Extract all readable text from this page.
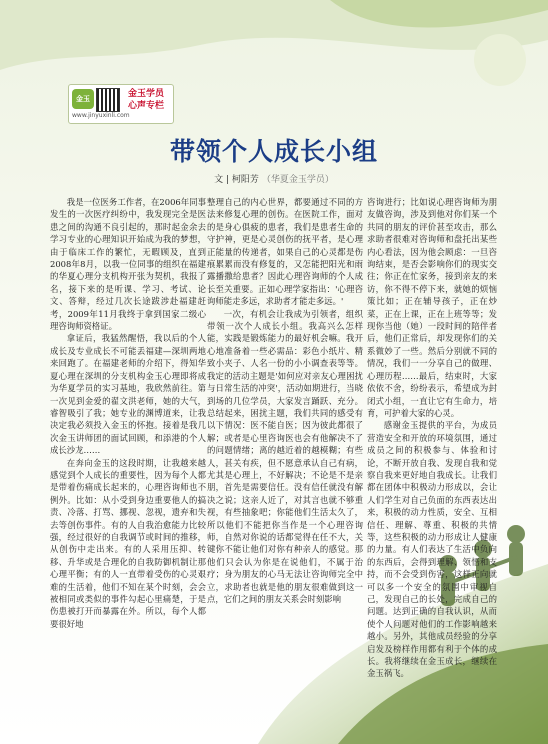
金玉	金玉学员
心声专栏
www.jinyuxinli.com
带领个人成长小组
文 | 柯阳芳 （华夏金玉学员）

我是一位医务工作者，在2006年同事发生的一次医疗纠纷中，我发现完全是医患之间的沟通不良引起的，那时起金余去学习专业的心理知识开始成为我的梦想，由于临床工作的繁忙，无暇顾及，直到2008年8月，以我一位同事的组织在福建的华夏心理分支机构开张为契机，我报了名，接下来的是听课、学习、考试、论文、答辩，经过几次长途跋涉赴福建赶考，2009年11月我终于拿到国家二级心理咨询师资格证。

拿证后，我猛然醒悟，我以后的个人成长及专业成长不可能丢福建—深圳两地来回跑了。在福建老师的介绍下，得知华夏心理在深圳的分支机构金玉心理即将成为华夏学员的实习基地，我欣然前往。第一次见到金爱的翟文洪老师，她的大气，睿智吸引了我；她专业的渊博道来，让我决定我必须投入金玉的怀抱。接着是我几次金玉讲师团的面试回顾，和添港的个人成长沙龙……

在奔向金玉的这段时期，让我越来越感觉到个人成长的重要性，因为每个人都是带着伤痛成长起来的，心理咨询师也不例外。比如：从小受到身边重要他人的搞责、冷落、打骂、挪视、忽视，遗弃和失去等创伤事件。有的人自我治愈能力比较强，经过很好的自我调节或时间的推移，从创伤中走出来。有的人采用压抑、转移、升华或是合理化的自我防御机制让那心理平衡；有的人一直带着受伤的心灵艰难的生活着，他们不知在某个时刻，会会被相同或类似的事件勾起心里痛楚，于是伤患被打开而暴露在外。所以，每个人都要很好地

整理自己的内心世界，都要通过不同的方法来修复心理的创伤。在医院工作，面对的是身心俱疲的患者，我们是患者生命的守护神，更是心灵创伤的抚平者，是心理正能量的传递者，如果自己的心灵都是伤痕累累而没有修复的，又怎能把阳光和雨露播撒给患者？因此心理咨询师的个人成长至关重要。正如心理学家指出：'心理咨询师能走多远，求助者才能走多远。'

一次，有机会让我成为引领者，组织带领一次个人成长小组。我高兴么怎样能，实践是锻炼能力的最好机会嘛。我开心地准备着一些必需品：彩色小纸片、精致小夹子、人名一份的小小调查表等等。我定的活动主题是'如何应对亲友心理困扰与日常生活的冲突'，活动如期进行，当晓到场的几位学员，大家发言踊跃、充分。总结起来，困扰主题，我们共同的感受有以下情况：医不能自医；因为彼此都很了解；或者是心里咨询医也会有他解决不了的问题情绪；离的越近着的越模糊；有些人，甚关有疾，但不愿意承认自己有病，尤其是心理上，不好解决；不论是不是亲朋，首先是需要信任。没有信任就没有解决之说；这亲人近了，对其言也就不够重视，有些抽象吧；你能他们生活太久了，所以他们不能把你当作是一个心理咨询师，自然对你说的话都觉得在任不大，关键你不能让他们对你有种亲人的感觉。那他们只会认为你是在说他们，不属于治疗；身为朋友的心马无法让咨询师完全中立，求助者也就是他的朋友很难做到这一点，它们之间的朋友关系会时刻影响

咨询进行；比如说心理咨询师为朋友做咨询，涉及到他对你们某一个共同的朋友的评价甚至攻击，那么求助者很难对咨询师和盘托出某些内心看法，因为他会顾虑：一旦咨询结束，是否会影响你们的现实交往；你正在忙家务，接到亲友的来访，你不得不停下来，就她的烦恼策比如；正在辅导孩子，正在炒菜，正在上课，正在上班等等；发现你当他（她）一段时间的陪伴者后，他们正常后，却发现你们的关系微妙了一些。然后分别就不同的情况，我们一一分享自己的做理、心理历程……最后，结束时，大家依依不舍，纷纷表示，希望成为封闭式小组，一直让它有生命力，培育，可护着大家的心灵。

感谢金玉提供的平台，为成员营造安全和开放的环境氛围，通过成员之间的积极参与、体验和讨论，不断开放自我、发现自我和觉察自我来更好地自我成长。让我们都在团体中积极动力形成以，会让人们学生对自己负面的东西表达出来，积极的动力性质，安全、互相信任、理解、尊重、积极的共情等，这些积极的动力形成让人健康的力量。有人们表达了生活中负向的东西后，会得到理解、领悟和支持，而不会受到伤害，这样正向就可以多一个安全的氛围中审视自己，发现自己的长处，完成自己的问题。达到正确的自我认识，从而使个人问题对他们的工作影响越来越小。另外，其他成员经验的分享启发及榜样作用都有利于个体的成长。我将继续在金玉成长，继续在金玉祸飞。
